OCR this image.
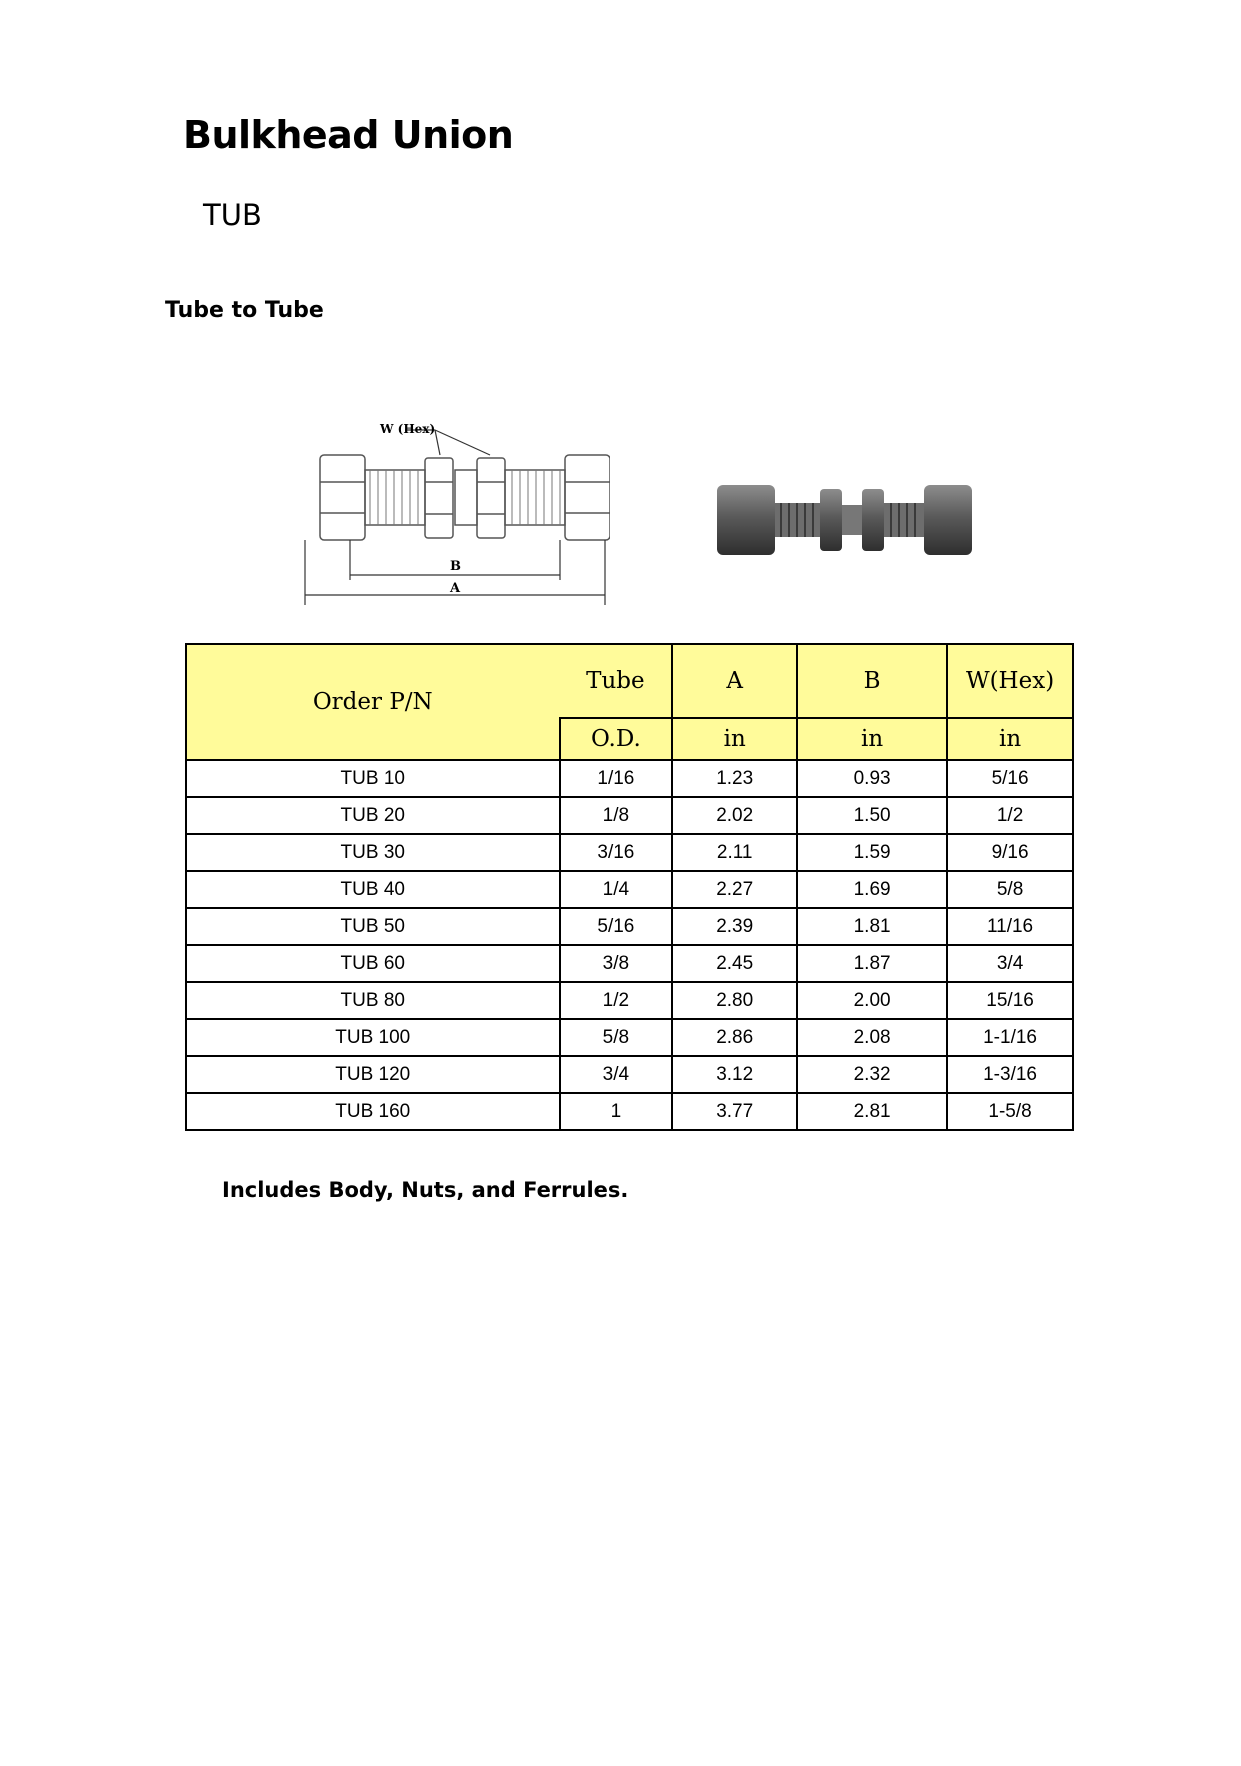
Bulkhead Union
TUB
Tube to Tube
W (Hex)
B
A
Order P/N	Tube	A	B	W(Hex)
	O.D.	in	in	in
TUB 10	1/16	1.23	0.93	5/16
TUB 20	1/8	2.02	1.50	1/2
TUB 30	3/16	2.11	1.59	9/16
TUB 40	1/4	2.27	1.69	5/8
TUB 50	5/16	2.39	1.81	11/16
TUB 60	3/8	2.45	1.87	3/4
TUB 80	1/2	2.80	2.00	15/16
TUB 100	5/8	2.86	2.08	1-1/16
TUB 120	3/4	3.12	2.32	1-3/16
TUB 160	1	3.77	2.81	1-5/8
Includes Body, Nuts, and Ferrules.
